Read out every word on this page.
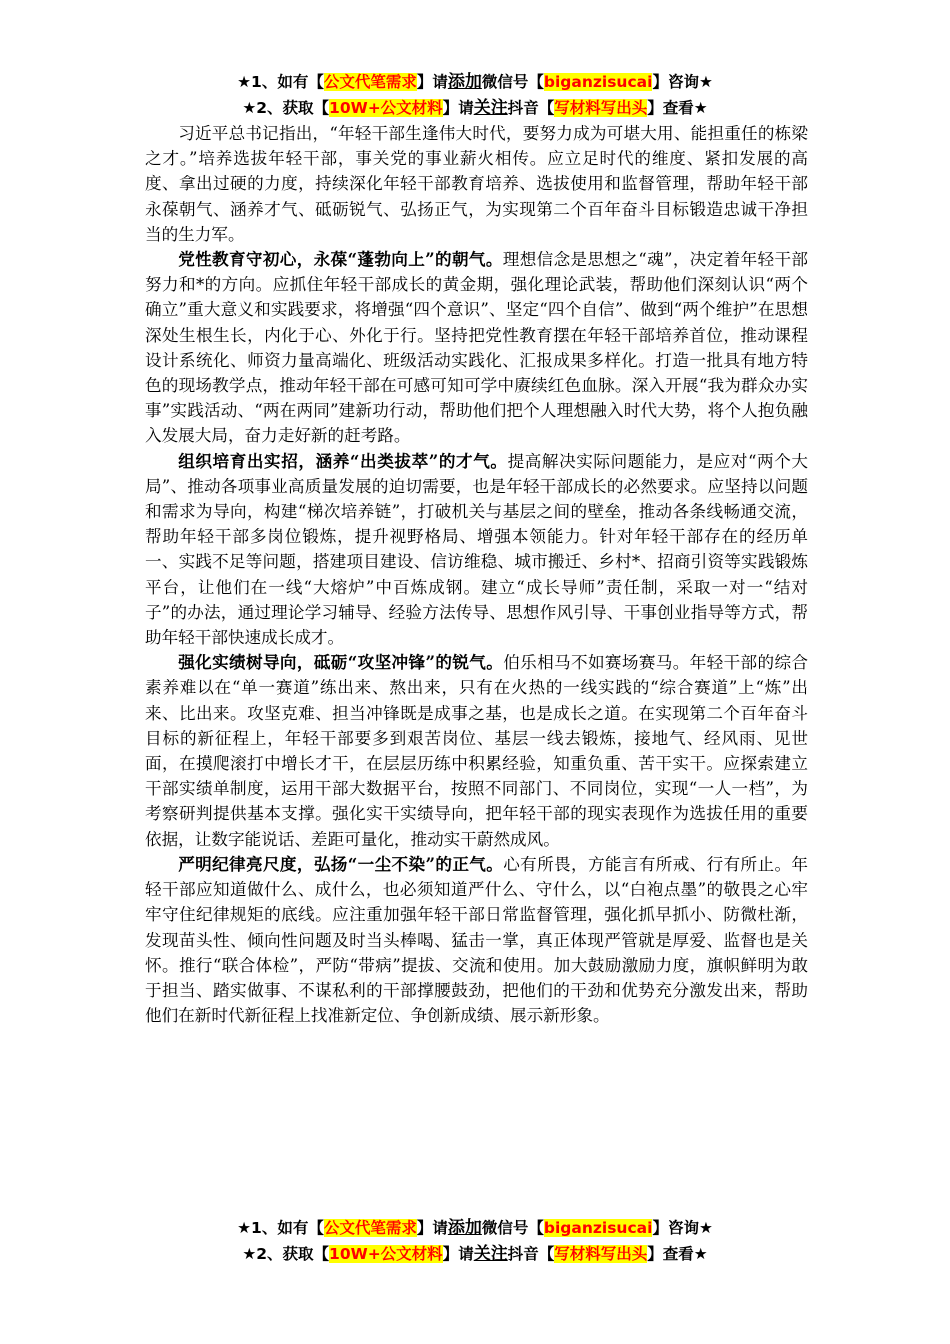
★1、如有【公文代笔需求】请添加微信号【biganzisucai】咨询★
★2、获取【10W+公文材料】请关注抖音【写材料写出头】查看★

习近平总书记指出，“年轻干部生逢伟大时代，要努力成为可堪大用、能担重任的栋梁之才。”培养选拔年轻干部，事关党的事业薪火相传。应立足时代的维度、紧扣发展的高度、拿出过硬的力度，持续深化年轻干部教育培养、选拔使用和监督管理，帮助年轻干部永葆朝气、涵养才气、砥砺锐气、弘扬正气，为实现第二个百年奋斗目标锻造忠诚干净担当的生力军。

党性教育守初心，永葆“蓬勃向上”的朝气。理想信念是思想之“魂”，决定着年轻干部努力和*的方向。应抓住年轻干部成长的黄金期，强化理论武装，帮助他们深刻认识“两个确立”重大意义和实践要求，将增强“四个意识”、坚定“四个自信”、做到“两个维护”在思想深处生根生长，内化于心、外化于行。坚持把党性教育摆在年轻干部培养首位，推动课程设计系统化、师资力量高端化、班级活动实践化、汇报成果多样化。打造一批具有地方特色的现场教学点，推动年轻干部在可感可知可学中赓续红色血脉。深入开展“我为群众办实事”实践活动、“两在两同”建新功行动，帮助他们把个人理想融入时代大势，将个人抱负融入发展大局，奋力走好新的赶考路。

组织培育出实招，涵养“出类拔萃”的才气。提高解决实际问题能力，是应对“两个大局”、推动各项事业高质量发展的迫切需要，也是年轻干部成长的必然要求。应坚持以问题和需求为导向，构建“梯次培养链”，打破机关与基层之间的壁垒，推动各条线畅通交流，帮助年轻干部多岗位锻炼，提升视野格局、增强本领能力。针对年轻干部存在的经历单一、实践不足等问题，搭建项目建设、信访维稳、城市搬迁、乡村*、招商引资等实践锻炼平台，让他们在一线“大熔炉”中百炼成钢。建立“成长导师”责任制，采取一对一“结对子”的办法，通过理论学习辅导、经验方法传导、思想作风引导、干事创业指导等方式，帮助年轻干部快速成长成才。

强化实绩树导向，砥砺“攻坚冲锋”的锐气。伯乐相马不如赛场赛马。年轻干部的综合素养难以在“单一赛道”练出来、熬出来，只有在火热的一线实践的“综合赛道”上“炼”出来、比出来。攻坚克难、担当冲锋既是成事之基，也是成长之道。在实现第二个百年奋斗目标的新征程上，年轻干部要多到艰苦岗位、基层一线去锻炼，接地气、经风雨、见世面，在摸爬滚打中增长才干，在层层历练中积累经验，知重负重、苦干实干。应探索建立干部实绩单制度，运用干部大数据平台，按照不同部门、不同岗位，实现“一人一档”，为考察研判提供基本支撑。强化实干实绩导向，把年轻干部的现实表现作为选拔任用的重要依据，让数字能说话、差距可量化，推动实干蔚然成风。

严明纪律亮尺度，弘扬“一尘不染”的正气。心有所畏，方能言有所戒、行有所止。年轻干部应知道做什么、成什么，也必须知道严什么、守什么，以“白袍点墨”的敬畏之心牢牢守住纪律规矩的底线。应注重加强年轻干部日常监督管理，强化抓早抓小、防微杜渐，发现苗头性、倾向性问题及时当头棒喝、猛击一掌，真正体现严管就是厚爱、监督也是关怀。推行“联合体检”，严防“带病”提拔、交流和使用。加大鼓励激励力度，旗帜鲜明为敢于担当、踏实做事、不谋私利的干部撑腰鼓劲，把他们的干劲和优势充分激发出来，帮助他们在新时代新征程上找准新定位、争创新成绩、展示新形象。

★1、如有【公文代笔需求】请添加微信号【biganzisucai】咨询★
★2、获取【10W+公文材料】请关注抖音【写材料写出头】查看★
